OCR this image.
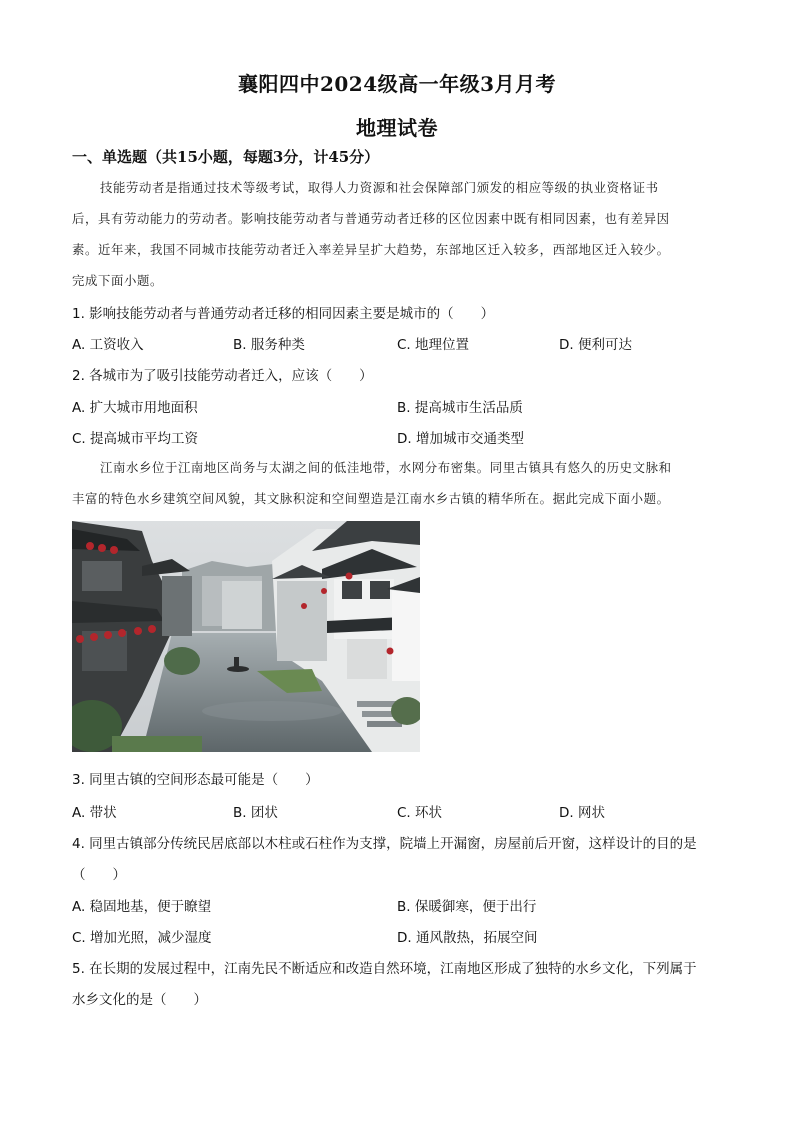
襄阳四中2024级高一年级3月月考
地理试卷
一、单选题（共15小题，每题3分，计45分）
技能劳动者是指通过技术等级考试，取得人力资源和社会保障部门颁发的相应等级的执业资格证书
后，具有劳动能力的劳动者。影响技能劳动者与普通劳动者迁移的区位因素中既有相同因素，也有差异因
素。近年来，我国不同城市技能劳动者迁入率差异呈扩大趋势，东部地区迁入较多，西部地区迁入较少。
完成下面小题。
1. 影响技能劳动者与普通劳动者迁移的相同因素主要是城市的（　　）
A. 工资收入	B. 服务种类	C. 地理位置	D. 便利可达
2. 各城市为了吸引技能劳动者迁入，应该（　　）
A. 扩大城市用地面积	B. 提高城市生活品质
C. 提高城市平均工资	D. 增加城市交通类型
江南水乡位于江南地区尚务与太湖之间的低洼地带，水网分布密集。同里古镇具有悠久的历史文脉和
丰富的特色水乡建筑空间风貌，其文脉积淀和空间塑造是江南水乡古镇的精华所在。据此完成下面小题。
3. 同里古镇的空间形态最可能是（　　）
A. 带状	B. 团状	C. 环状	D. 网状
4. 同里古镇部分传统民居底部以木柱或石柱作为支撑，院墙上开漏窗，房屋前后开窗，这样设计的目的是
（　　）
A. 稳固地基，便于瞭望	B. 保暖御寒，便于出行
C. 增加光照，减少湿度	D. 通风散热，拓展空间
5. 在长期的发展过程中，江南先民不断适应和改造自然环境，江南地区形成了独特的水乡文化，下列属于
水乡文化的是（　　）
